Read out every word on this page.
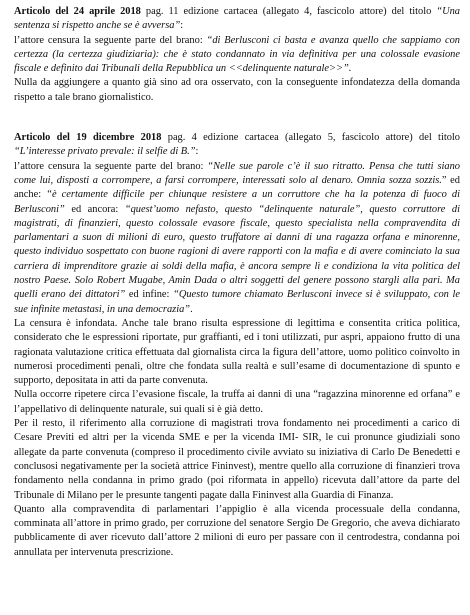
Articolo del 24 aprile 2018 pag. 11 edizione cartacea (allegato 4, fascicolo attore) del titolo “Una sentenza si rispetto anche se è avversa”:

l’attore censura la seguente parte del brano: “di Berlusconi ci basta e avanza quello che sappiamo con certezza (la certezza giudiziaria): che è stato condannato in via definitiva per una colossale evasione fiscale e definito dai Tribunali della Repubblica un <<delinquente naturale>>”.

Nulla da aggiungere a quanto già sino ad ora osservato, con la conseguente infondatezza della domanda rispetto a tale brano giornalistico.

Articolo del 19 dicembre 2018 pag. 4 edizione cartacea (allegato 5, fascicolo attore) del titolo “L’interesse privato prevale: il selfie di B.”:

l’attore censura la seguente parte del brano: “Nelle sue parole c’è il suo ritratto. Pensa che tutti siano come lui, disposti a corrompere, a farsi corrompere, interessati solo al denaro. Omnia sozza sozzis.” ed anche: “è certamente difficile per chiunque resistere a un corruttore che ha la potenza di fuoco di Berlusconi” ed ancora: “quest’uomo nefasto, questo “delinquente naturale”, questo corruttore di magistrati, di finanzieri, questo colossale evasore fiscale, questo specialista nella compravendita di parlamentari a suon di milioni di euro, questo truffatore ai danni di una ragazza orfana e minorenne, questo individuo sospettato con buone ragioni di avere rapporti con la mafia e di avere cominciato la sua carriera di imprenditore grazie ai soldi della mafia, è ancora sempre lì e condiziona la vita politica del nostro Paese. Solo Robert Mugabe, Amin Dada o altri soggetti del genere possono stargli alla pari. Ma quelli erano dei dittatori” ed infine: “Questo tumore chiamato Berlusconi invece si è sviluppato, con le sue infinite metastasi, in una democrazia”.

La censura è infondata. Anche tale brano risulta espressione di legittima e consentita critica politica, considerato che le espressioni riportate, pur graffianti, ed i toni utilizzati, pur aspri, appaiono frutto di una ragionata valutazione critica effettuata dal giornalista circa la figura dell’attore, uomo politico coinvolto in numerosi procedimenti penali, oltre che fondata sulla realtà e sull’esame di documentazione di spunto e supporto, depositata in atti da parte convenuta.

Nulla occorre ripetere circa l’evasione fiscale, la truffa ai danni di una “ragazzina minorenne ed orfana” e l’appellativo di delinquente naturale, sui quali si è già detto.

Per il resto, il riferimento alla corruzione di magistrati trova fondamento nei procedimenti a carico di Cesare Previti ed altri per la vicenda SME e per la vicenda IMI- SIR, le cui pronunce giudiziali sono allegate da parte convenuta (compreso il procedimento civile avviato su iniziativa di Carlo De Benedetti e conclusosi negativamente per la società attrice Fininvest), mentre quello alla corruzione di finanzieri trova fondamento nella condanna in primo grado (poi riformata in appello) ricevuta dall’attore da parte del Tribunale di Milano per le presunte tangenti pagate dalla Fininvest alla Guardia di Finanza.

Quanto alla compravendita di parlamentari l’appiglio è alla vicenda processuale della condanna, comminata all’attore in primo grado, per corruzione del senatore Sergio De Gregorio, che aveva dichiarato pubblicamente di aver ricevuto dall’attore 2 milioni di euro per passare con il centrodestra, condanna poi annullata per intervenuta prescrizione.
